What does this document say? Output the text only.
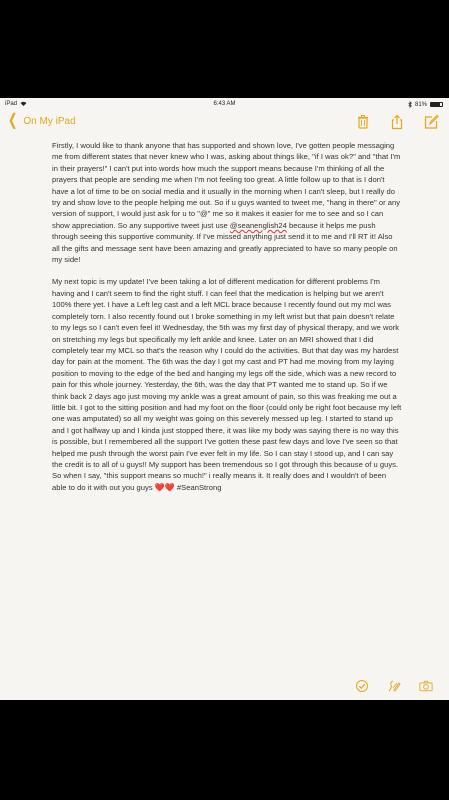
iPad	6:43 AM	81%
❮ On My iPad

Firstly, I would like to thank anyone that has supported and shown love, I've gotten people messaging me from different states that never knew who I was, asking about things like, "if I was ok?" and "that I'm in their prayers!" I can't put into words how much the support means because I'm thinking of all the prayers that people are sending me when I'm not feeling too great. A little follow up to that is I don't have a lot of time to be on social media and it usually in the morning when I can't sleep, but I really do try and show love to the people helping me out. So if u guys wanted to tweet me, "hang in there" or any version of support, I would just ask for u to "@" me so it makes it easier for me to see and so I can show appreciation. So any supportive tweet just use @seanenglish24 because it helps me push through seeing this supportive community. If I've missed anything just send it to me and I'll RT it! Also all the gifts and message sent have been amazing and greatly appreciated to have so many people on my side!

My next topic is my update! I've been taking a lot of different medication for different problems I'm having and I can't seem to find the right stuff. I can feel that the medication is helping but we aren't 100% there yet. I have a Left leg cast and a left MCL brace because I recently found out my mcl was completely torn. I also recently found out I broke something in my left wrist but that pain doesn't relate to my legs so I can't even feel it! Wednesday, the 5th was my first day of physical therapy, and we work on stretching my legs but specifically my left ankle and knee. Later on an MRI showed that I did completely tear my MCL so that's the reason why I could do the activities. But that day was my hardest day for pain at the moment. The 6th was the day I got my cast and PT had me moving from my laying position to moving to the edge of the bed and hanging my legs off the side, which was a new record to pain for this whole journey. Yesterday, the 6th, was the day that PT wanted me to stand up. So if we think back 2 days ago just moving my ankle was a great amount of pain, so this was freaking me out a little bit. I got to the sitting position and had my foot on the floor (could only be right foot because my left one was amputated) so all my weight was going on this severely messed up leg. I started to stand up and I got halfway up and I kinda just stopped there, it was like my body was saying there is no way this is possible, but I remembered all the support I've gotten these past few days and love I've seen so that helped me push through the worst pain I've ever felt in my life. So I can stay I stood up, and I can say the credit is to all of u guys!! My support has been tremendous so I got through this because of u guys. So when I say, "this support means so much!" i really means it. It really does and I wouldn't of been able to do it with out you guys ❤️❤️ #SeanStrong
